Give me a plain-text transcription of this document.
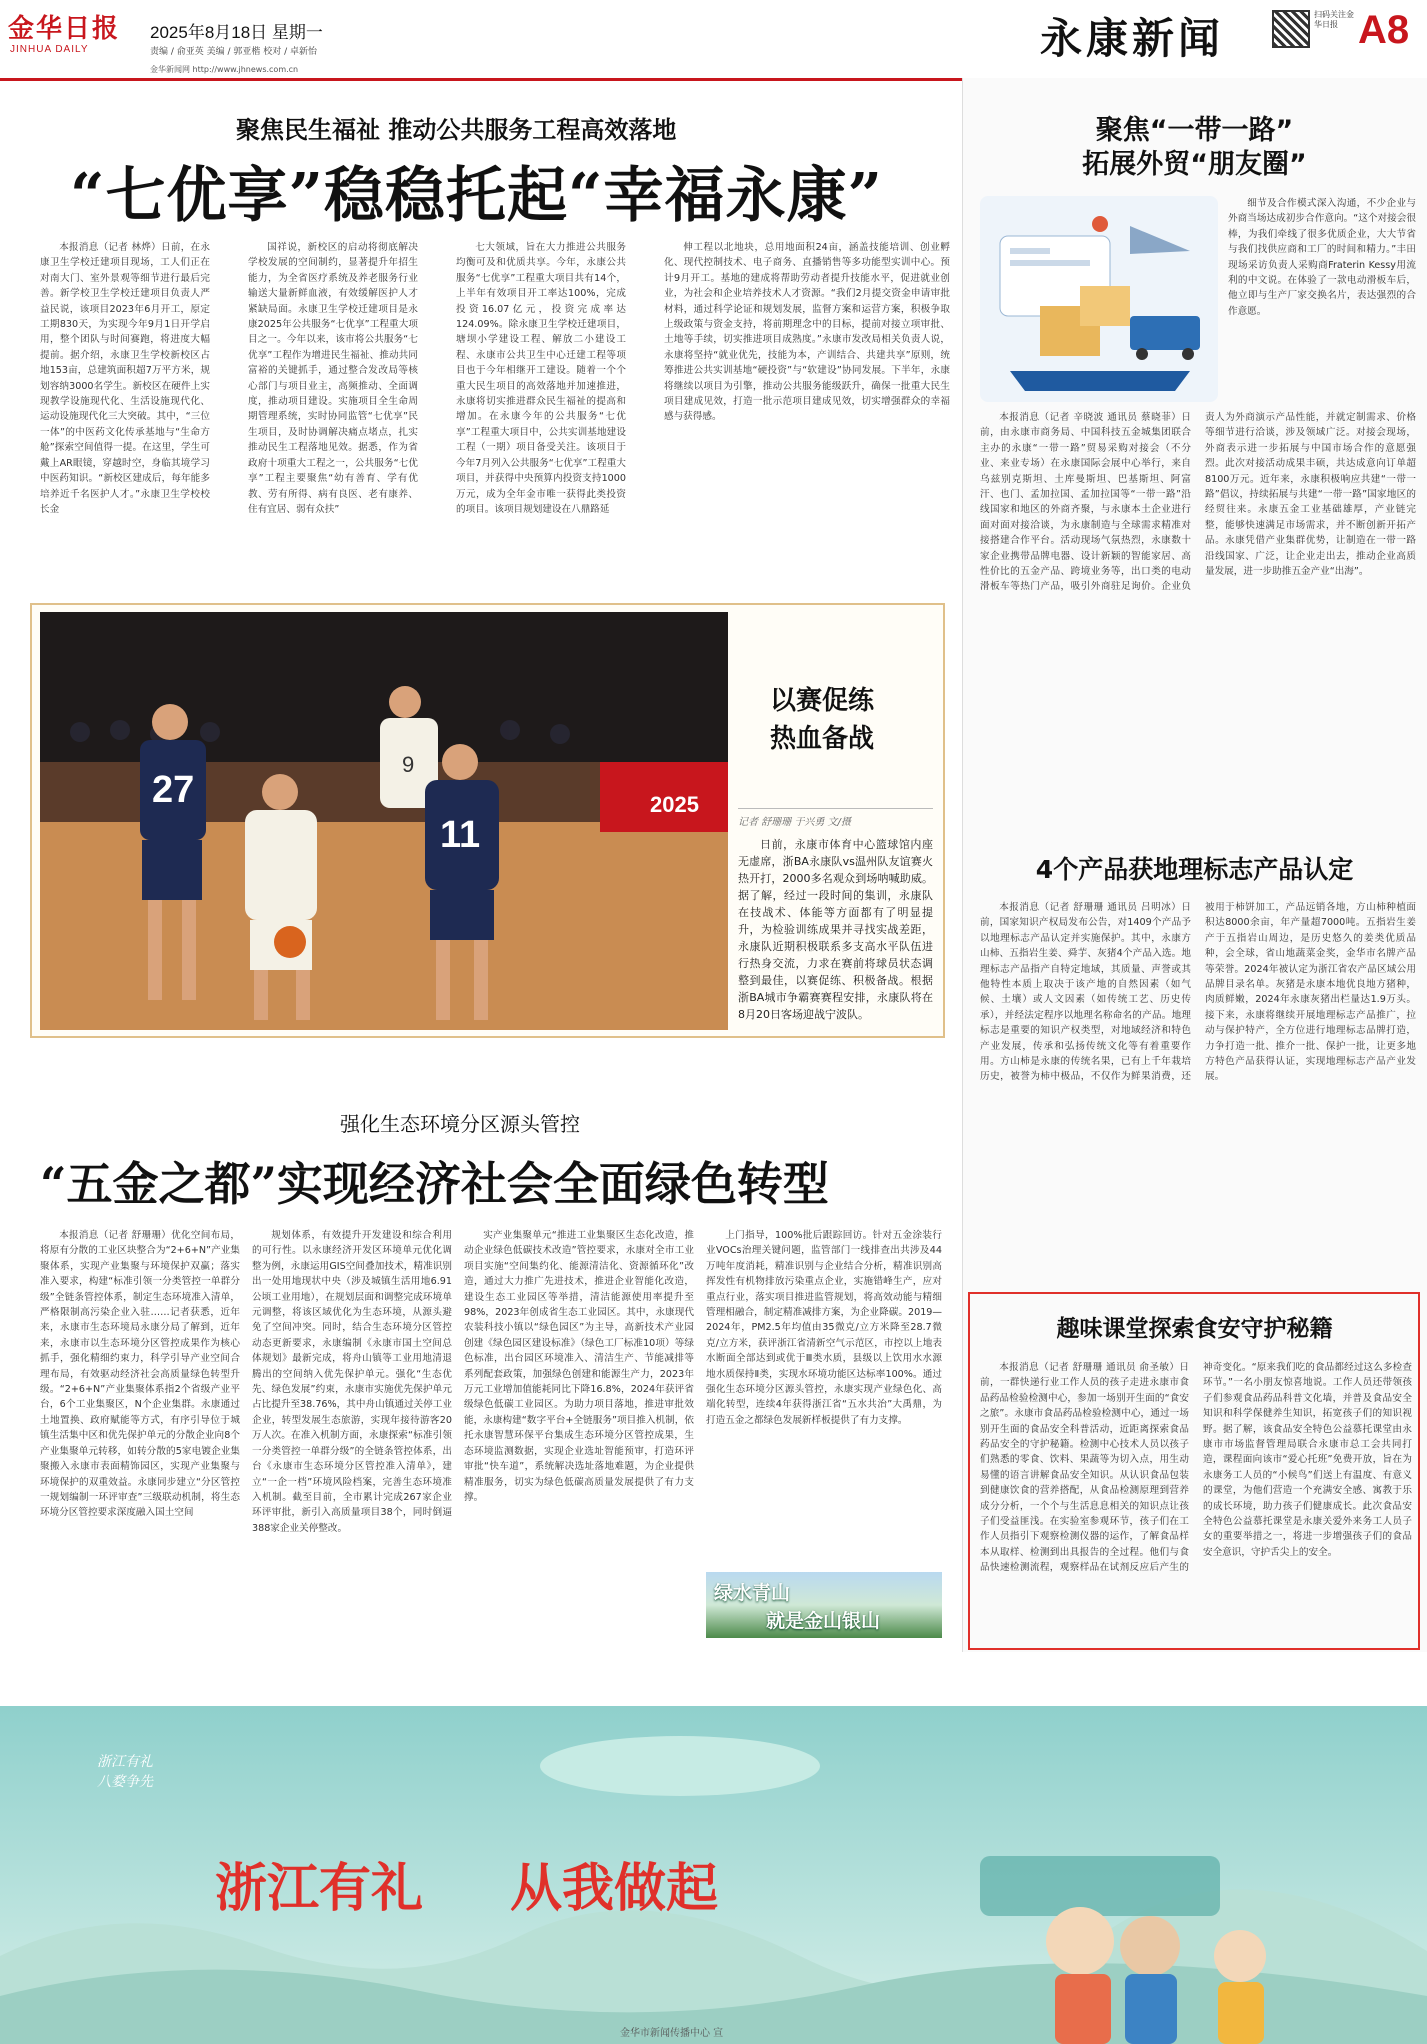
金华日报
JINHUA DAILY
2025年8月18日 星期一
责编 / 俞亚英 美编 / 郭亚楷 校对 / 卓新怡
金华新闻网 http://www.jhnews.com.cn
永康新闻	扫码关注金华日报 A8
聚焦民生福祉 推动公共服务工程高效落地
“七优享”稳稳托起“幸福永康”

本报消息（记者 林烨）日前，在永康卫生学校迁建项目现场，工人们正在对南大门、室外景观等细节进行最后完善。新学校卫生学校迁建项目负责人严益民说，该项目2023年6月开工，原定工期830天，为实现今年9月1日开学启用，整个团队与时间赛跑，将进度大幅提前。据介绍，永康卫生学校新校区占地153亩，总建筑面积超7万平方米，规划容纳3000名学生。新校区在硬件上实现教学设施现代化、生活设施现代化、运动设施现代化三大突破。其中，“三位一体”的中医药文化传承基地与“生命方舱”探索空间值得一提。在这里，学生可戴上AR眼镜，穿越时空，身临其境学习中医药知识。“新校区建成后，每年能多培养近千名医护人才。”永康卫生学校校长金

国祥说，新校区的启动将彻底解决学校发展的空间制约，显著提升年招生能力，为全省医疗系统及养老服务行业输送大量新鲜血液，有效缓解医护人才紧缺局面。永康卫生学校迁建项目是永康2025年公共服务“七优享”工程重大项目之一。今年以来，该市将公共服务“七优享”工程作为增进民生福祉、推动共同富裕的关键抓手，通过整合发改局等核心部门与项目业主，高频推动、全面调度，推动项目建设。实施项目全生命周期管理系统，实时协同监管“七优享”民生项目，及时协调解决痛点堵点，扎实推动民生工程落地见效。据悉，作为省政府十项重大工程之一，公共服务“七优享”工程主要聚焦“幼有善育、学有优教、劳有所得、病有良医、老有康养、住有宜居、弱有众扶”

七大领域，旨在大力推进公共服务均衡可及和优质共享。今年，永康公共服务“七优享”工程重大项目共有14个，上半年有效项目开工率达100%，完成投资16.07亿元，投资完成率达124.09%。除永康卫生学校迁建项目，塘坝小学建设工程、解放二小建设工程、永康市公共卫生中心迁建工程等项目也于今年相继开工建设。随着一个个重大民生项目的高效落地并加速推进，永康将切实推进群众民生福祉的提高和增加。在永康今年的公共服务“七优享”工程重大项目中，公共实训基地建设工程（一期）项目备受关注。该项目于今年7月列入公共服务“七优享”工程重大项目，并获得中央预算内投资支持1000万元，成为全年金市唯一获得此类投资的项目。该项目规划建设在八鼎路延

伸工程以北地块，总用地面积24亩，涵盖技能培训、创业孵化、现代控制技术、电子商务、直播销售等多功能型实训中心。预计9月开工。基地的建成将帮助劳动者提升技能水平，促进就业创业，为社会和企业培养技术人才资源。“我们2月提交资金申请审批材料，通过科学论证和规划发展，监督方案和运营方案，积极争取上级政策与资金支持，将前期理念中的目标，提前对接立项审批、土地等手续，切实推进项目成熟度。”永康市发改局相关负责人说，永康将坚持“就业优先，技能为本，产训结合、共建共享”原则，统筹推进公共实训基地“硬投资”与“软建设”协同发展。下半年，永康将继续以项目为引擎，推动公共服务能级跃升，确保一批重大民生项目建成见效，打造一批示范项目建成见效，切实增强群众的幸福感与获得感。

2025
27
9
11
以赛促练
热血备战
记者 舒珊珊 于兴勇 文/摄

日前，永康市体育中心篮球馆内座无虚席，浙BA永康队vs温州队友谊赛火热开打，2000多名观众到场呐喊助威。据了解，经过一段时间的集训，永康队在技战术、体能等方面都有了明显提升，为检验训练成果并寻找实战差距，永康队近期积极联系多支高水平队伍进行热身交流，力求在赛前将球员状态调整到最佳，以赛促练、积极备战。根据浙BA城市争霸赛赛程安排，永康队将在8月20日客场迎战宁波队。

强化生态环境分区源头管控
“五金之都”实现经济社会全面绿色转型

本报消息（记者 舒珊珊）优化空间布局，将原有分散的工业区块整合为“2+6+N”产业集聚体系，实现产业集聚与环境保护双赢；落实准入要求，构建“标准引领一分类管控一单群分级”全链条管控体系，制定生态环境准入清单，严格限制高污染企业入驻……记者获悉，近年来，永康市生态环境局永康分局了解到，近年来，永康市以生态环境分区管控成果作为核心抓手，强化精细约束力，科学引导产业空间合理布局，有效驱动经济社会高质量绿色转型升级。“2+6+N”产业集聚体系指2个省级产业平台，6个工业集聚区，N个企业集群。永康通过土地置换、政府赋能等方式，有序引导位于城镇生活集中区和优先保护单元的分散企业向8个产业集聚单元转移，如转分散的5家电镀企业集聚搬入永康市表面精饰园区，实现产业集聚与环境保护的双重效益。永康同步建立“分区管控一规划编制一环评审查”三级联动机制，将生态环境分区管控要求深度融入国土空间

规划体系，有效提升开发建设和综合利用的可行性。以永康经济开发区环境单元优化调整为例，永康运用GIS空间叠加技术，精准识别出一处用地现状中央（涉及城镇生活用地6.91公顷工业用地），在规划层面和调整完成环境单元调整，将该区域优化为生态环境，从源头避免了空间冲突。同时，结合生态环境分区管控动态更新要求，永康编制《永康市国土空间总体规划》最新完成，将舟山镇等工业用地清退腾出的空间纳入优先保护单元。强化“生态优先、绿色发展”约束，永康市实施优先保护单元占比提升至38.76%，其中舟山镇通过关停工业企业，转型发展生态旅游，实现年接待游客20万人次。在准入机制方面，永康探索“标准引领一分类管控一单群分级”的全链条管控体系，出台《永康市生态环境分区管控准入清单》，建立“一企一档”环境风险档案，完善生态环境准入机制。截至目前，全市累计完成267家企业环评审批，新引入高质量项目38个，同时倒逼388家企业关停整改。

实产业集聚单元“推进工业集聚区生态化改造，推动企业绿色低碳技术改造”管控要求，永康对全市工业项目实施“空间集约化、能源清洁化、资源循环化”改造，通过大力推广先进技术，推进企业智能化改造，建设生态工业园区等举措，清洁能源使用率提升至98%，2023年创成省生态工业园区。其中，永康现代农装科技小镇以“绿色园区”为主导，高新技术产业园创建《绿色园区建设标准》（绿色工厂标准10项）等绿色标准，出台园区环境准入、清洁生产、节能减排等系列配套政策，加强绿色创建和能源生产力，2023年万元工业增加值能耗同比下降16.8%，2024年获评省级绿色低碳工业园区。为助力项目落地，推进审批效能，永康构建“数字平台+全链服务”项目推入机制，依托永康智慧环保平台集成生态环境分区管控成果，生态环境监测数据，实现企业选址智能预审，打造环评审批“快车道”，系统解决选址落地难题，为企业提供精准服务，切实为绿色低碳高质量发展提供了有力支撑。

上门指导，100%批后跟踪回访。针对五金涂装行业VOCs治理关键问题，监管部门一线排查出共涉及44万吨年度消耗，精准识别与企业结合分析，精准识别高挥发性有机物排放污染重点企业，实施错峰生产，应对重点行业，落实项目推进监管规划，将高效动能与精细管理相融合，制定精准减排方案，为企业降碳。2019—2024年，PM2.5年均值由35微克/立方米降至28.7微克/立方米，获评浙江省清新空气示范区，市控以上地表水断面全部达到或优于Ⅲ类水质，县级以上饮用水水源地水质保持Ⅱ类，实现水环境功能区达标率100%。通过强化生态环境分区源头管控，永康实现产业绿色化、高端化转型，连续4年获得浙江省“五水共治”大禹鼎，为打造五金之都绿色发展新样板提供了有力支撑。

绿水青山
就是金山银山
聚焦“一带一路”
拓展外贸“朋友圈”

细节及合作模式深入沟通，不少企业与外商当场达成初步合作意向。“这个对接会很棒，为我们牵线了很多优质企业，大大节省与我们找供应商和工厂的时间和精力。”丰田现场采访负责人采购商Fraterin Kessy用流利的中文说。在体验了一款电动滑板车后，他立即与生产厂家交换名片，表达强烈的合作意愿。

本报消息（记者 辛晓波 通讯员 蔡晓菲）日前，由永康市商务局、中国科技五金城集团联合主办的永康“一带一路”贸易采购对接会（不分业、来业专场）在永康国际会展中心举行，来自乌兹别克斯坦、土库曼斯坦、巴基斯坦、阿富汗、也门、孟加拉国、孟加拉国等“一带一路”沿线国家和地区的外商齐聚，与永康本土企业进行面对面对接洽谈，为永康制造与全球需求精准对接搭建合作平台。活动现场气氛热烈，永康数十家企业携带品牌电器、设计新颖的智能家居、高性价比的五金产品、跨境业务等，出口类的电动滑板车等热门产品，吸引外商驻足询价。企业负责人为外商演示产品性能，并就定制需求、价格等细节进行洽谈，涉及领域广泛。对接会现场，外商表示进一步拓展与中国市场合作的意愿强烈。此次对接活动成果丰硕，共达成意向订单超8100万元。近年来，永康积极响应共建“一带一路”倡议，持续拓展与共建“一带一路”国家地区的经贸往来。永康五金工业基础雄厚，产业链完整，能够快速满足市场需求，并不断创新开拓产品。永康凭借产业集群优势，让制造在一带一路沿线国家、广泛，让企业走出去，推动企业高质量发展，进一步助推五金产业“出海”。

4个产品获地理标志产品认定

本报消息（记者 舒珊珊 通讯员 吕明冰）日前，国家知识产权局发布公告，对1409个产品予以地理标志产品认定并实施保护。其中，永康方山柿、五指岩生姜、舜芋、灰猪4个产品入选。地理标志产品指产自特定地域，其质量、声誉或其他特性本质上取决于该产地的自然因素（如气候、土壤）或人文因素（如传统工艺、历史传承），并经法定程序以地理名称命名的产品。地理标志是重要的知识产权类型，对地域经济和特色产业发展，传承和弘扬传统文化等有着重要作用。方山柿是永康的传统名果，已有上千年栽培历史，被誉为柿中极品，不仅作为鲜果消费，还被用于柿饼加工，产品远销各地，方山柿种植面积达8000余亩，年产量超7000吨。五指岩生姜产于五指岩山周边，是历史悠久的姜类优质品种，会全球，省山地蔬菜金奖，金华市名牌产品等荣誉。2024年被认定为浙江省农产品区域公用品牌目录名单。灰猪是永康本地优良地方猪种，肉质鲜嫩，2024年永康灰猪出栏量达1.9万头。接下来，永康将继续开展地理标志产品推广，拉动与保护特产，全方位进行地理标志品牌打造，力争打造一批、推介一批、保护一批，让更多地方特色产品获得认证，实现地理标志产品产业发展。

趣味课堂探索食安守护秘籍

本报消息（记者 舒珊珊 通讯员 俞圣敏）日前，一群快递行业工作人员的孩子走进永康市食品药品检验检测中心，参加一场别开生面的“食安之旅”。永康市食品药品检验检测中心，通过一场别开生面的食品安全科普活动，近距离探索食品药品安全的守护秘籍。检测中心技术人员以孩子们熟悉的零食、饮料、果蔬等为切入点，用生动易懂的语言讲解食品安全知识。从认识食品包装到健康饮食的营养搭配，从食品检测原理到营养成分分析，一个个与生活息息相关的知识点让孩子们受益匪浅。在实验室参观环节，孩子们在工作人员指引下观察检测仪器的运作，了解食品样本从取样、检测到出具报告的全过程。他们与食品快速检测流程，观察样品在试剂反应后产生的神奇变化。“原来我们吃的食品都经过这么多检查环节。”一名小朋友惊喜地说。工作人员还带领孩子们参观食品药品科普文化墙，并普及食品安全知识和科学保健养生知识，拓宽孩子们的知识视野。据了解，该食品安全特色公益慕托课堂由永康市市场监督管理局联合永康市总工会共同打造，课程面向该市“爱心托班”免费开放，旨在为永康务工人员的“小候鸟”们送上有温度、有意义的课堂，为他们营造一个充满安全感、寓教于乐的成长环境，助力孩子们健康成长。此次食品安全特色公益慕托课堂是永康关爱外来务工人员子女的重要举措之一，将进一步增强孩子们的食品安全意识，守护舌尖上的安全。

浙江有礼
八婺争先
浙江有礼 从我做起
金华市新闻传播中心 宣
